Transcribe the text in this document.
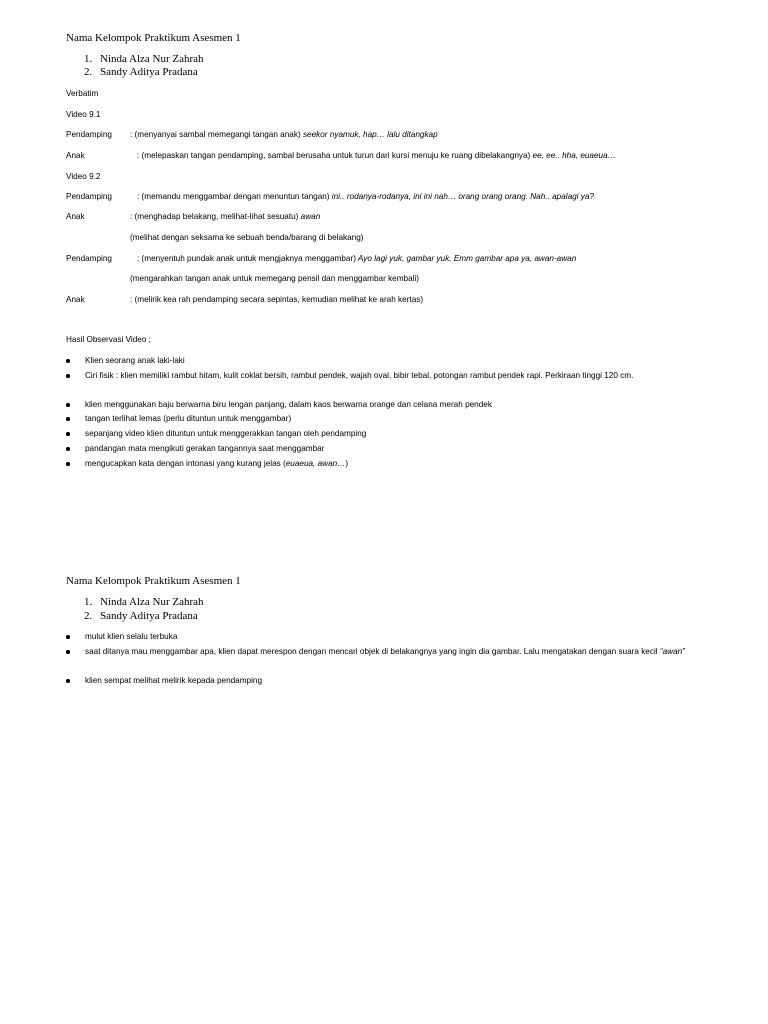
Nama Kelompok Praktikum Asesmen 1
1. Ninda Alza Nur Zahrah
2. Sandy Aditya Pradana
Verbatim
Video 9.1
Pendamping : (menyanyai sambal memegangi tangan anak) seekor nyamuk, hap… lalu ditangkap
Anak	: (melepaskan tangan pendamping, sambal berusaha untuk turun dari kursi menuju ke ruang dibelakangnya) ee, ee.. hha, euaeua…
Video 9.2
Pendamping	: (memandu menggambar dengan menuntun tangan) ini.. rodanya-rodanya, ini ini nah… orang orang orang. Nah.. apalagi ya?
Anak	: (menghadap belakang, melihat-lihat sesuatu) awan
(melihat dengan seksama ke sebuah benda/barang di belakang)
Pendamping	: (menyentuh pundak anak untuk mengjaknya menggambar) Ayo lagi yuk, gambar yuk. Emm gambar apa ya, awan-awan
(mengarahkan tangan anak untuk memegang pensil dan menggambar kembali)
Anak	: (melirik kea rah pendamping secara sepintas, kemudian melihat ke arah kertas)
Hasil Observasi Video ;
Klien seorang anak laki-laki
Ciri fisik : klien memiliki rambut hitam, kulit coklat bersih, rambut pendek, wajah oval, bibir tebal, potongan rambut pendek rapi. Perkiraan tinggi 120 cm.
klien menggunakan baju berwarna biru lengan panjang, dalam kaos berwarna orange dan celana merah pendek
tangan terlihat lemas (perlu dituntun untuk menggambar)
sepanjang video klien dituntun untuk menggerakkan tangan oleh pendamping
pandangan mata mengikuti gerakan tangannya saat menggambar
mengucapkan kata dengan intonasi yang kurang jelas (euaeua, awan…)
Nama Kelompok Praktikum Asesmen 1
1. Ninda Alza Nur Zahrah
2. Sandy Aditya Pradana
mulut klien selalu terbuka
saat ditanya mau menggambar apa, klien dapat merespon dengan mencari objek di belakangnya yang ingin dia gambar. Lalu mengatakan dengan suara kecil “awan”
klien sempat melihat melirik kepada pendamping
